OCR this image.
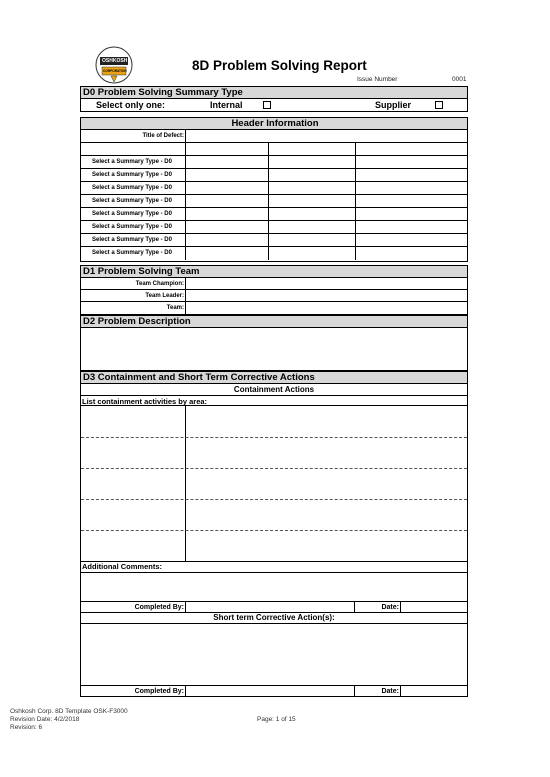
OSHKOSH
CORPORATION	8D Problem Solving Report
Issue Number	0001
D0 Problem Solving Summary Type
Select only one:	Internal	Supplier
Header Information
Title of Defect:
Select a Summary Type - D0
Select a Summary Type - D0
Select a Summary Type - D0
Select a Summary Type - D0
Select a Summary Type - D0
Select a Summary Type - D0
Select a Summary Type - D0
Select a Summary Type - D0
D1 Problem Solving Team
Team Champion:
Team Leader:
Team:
D2 Problem Description
D3 Containment and Short Term Corrective Actions
Containment Actions
List containment activities by area:
Additional Comments:
Completed By:	Date:
Short term Corrective Action(s):
Completed By:	Date:
Oshkosh Corp. 8D Template OSK-F3000
Revision Date: 4/2/2018
Revision: 6
Page: 1 of 15
